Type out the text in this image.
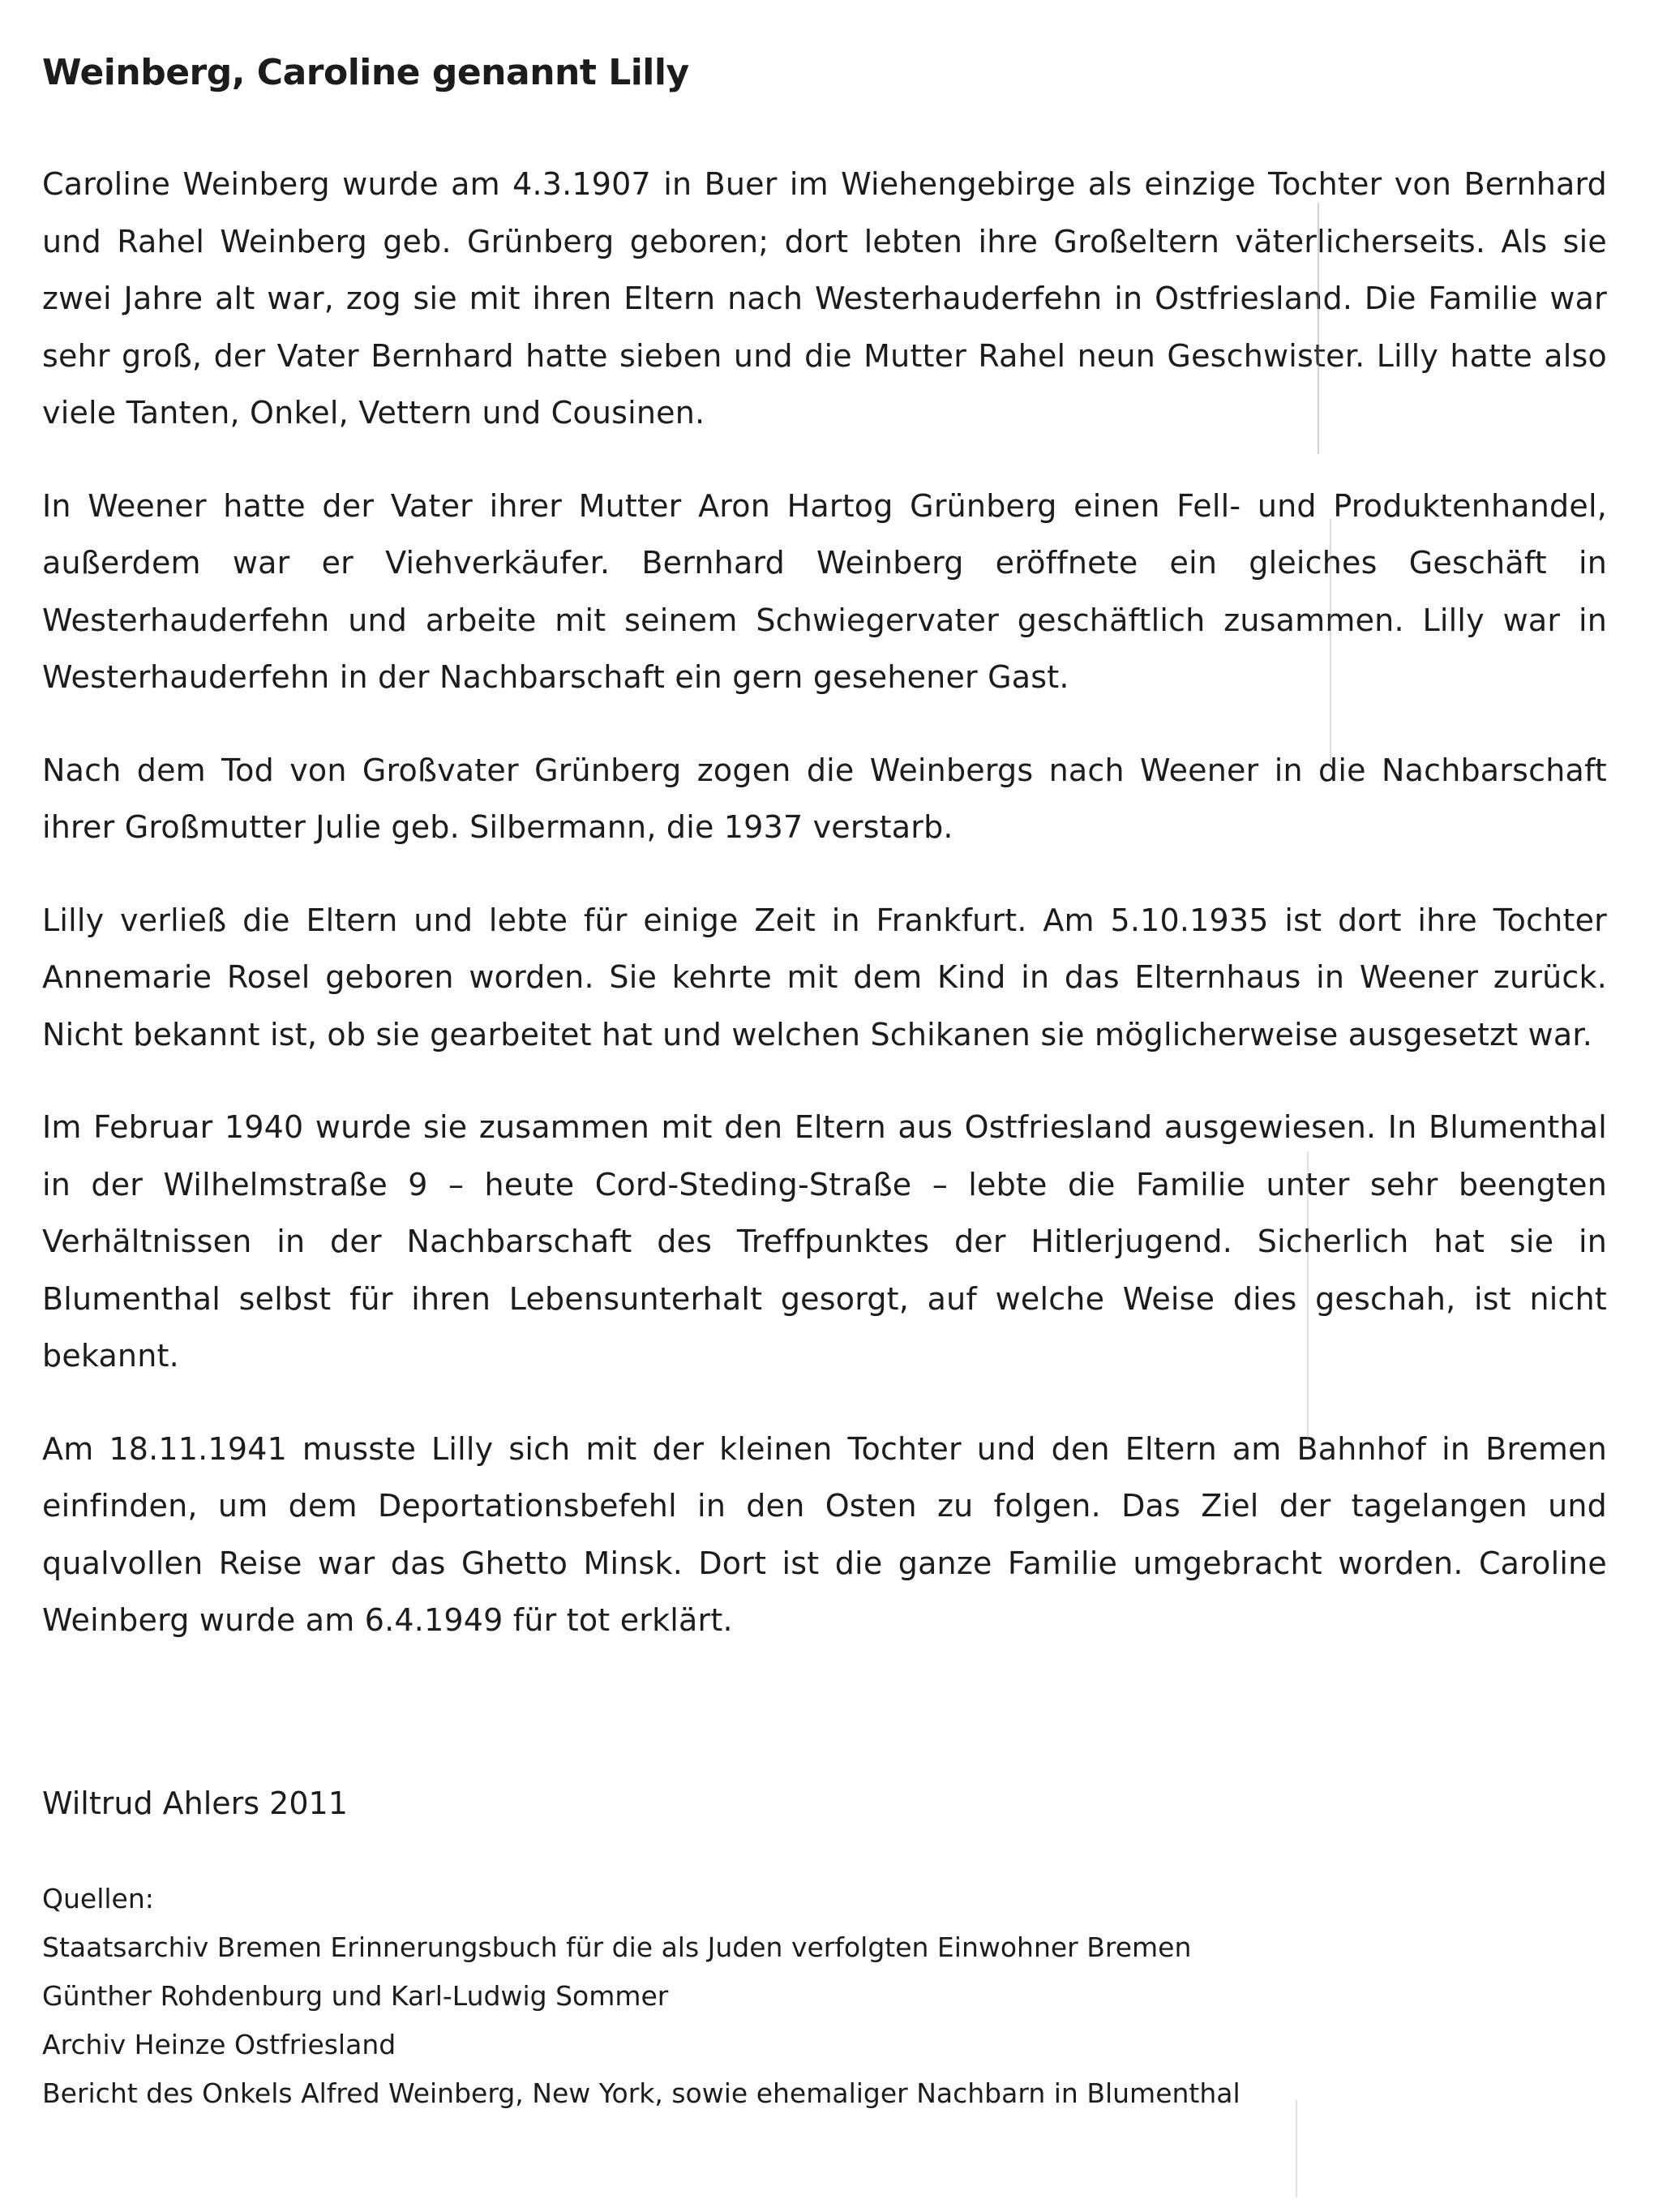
Weinberg, Caroline genannt Lilly

Caroline Weinberg wurde am 4.3.1907 in Buer im Wiehengebirge als einzige Tochter von Bernhard und Rahel Weinberg geb. Grünberg geboren; dort lebten ihre Großeltern väterlicherseits. Als sie zwei Jahre alt war, zog sie mit ihren Eltern nach Westerhauderfehn in Ostfriesland. Die Familie war sehr groß, der Vater Bernhard hatte sieben und die Mutter Rahel neun Geschwister. Lilly hatte also viele Tanten, Onkel, Vettern und Cousinen.

In Weener hatte der Vater ihrer Mutter Aron Hartog Grünberg einen Fell- und Produktenhandel, außerdem war er Viehverkäufer. Bernhard Weinberg eröffnete ein gleiches Geschäft in Westerhauderfehn und arbeite mit seinem Schwiegervater geschäftlich zusammen. Lilly war in Westerhauderfehn in der Nachbarschaft ein gern gesehener Gast.

Nach dem Tod von Großvater Grünberg zogen die Weinbergs nach Weener in die Nachbarschaft ihrer Großmutter Julie geb. Silbermann, die 1937 verstarb.

Lilly verließ die Eltern und lebte für einige Zeit in Frankfurt. Am 5.10.1935 ist dort ihre Tochter Annemarie Rosel geboren worden. Sie kehrte mit dem Kind in das Elternhaus in Weener zurück. Nicht bekannt ist, ob sie gearbeitet hat und welchen Schikanen sie möglicherweise ausgesetzt war.

Im Februar 1940 wurde sie zusammen mit den Eltern aus Ostfriesland ausgewiesen. In Blumenthal in der Wilhelmstraße 9 – heute Cord-Steding-Straße – lebte die Familie unter sehr beengten Verhältnissen in der Nachbarschaft des Treffpunktes der Hitlerjugend. Sicherlich hat sie in Blumenthal selbst für ihren Lebensunterhalt gesorgt, auf welche Weise dies geschah, ist nicht bekannt.

Am 18.11.1941 musste Lilly sich mit der kleinen Tochter und den Eltern am Bahnhof in Bremen einfinden, um dem Deportationsbefehl in den Osten zu folgen. Das Ziel der tagelangen und qualvollen Reise war das Ghetto Minsk. Dort ist die ganze Familie umgebracht worden. Caroline Weinberg wurde am 6.4.1949 für tot erklärt.

Wiltrud Ahlers 2011

Quellen:

Staatsarchiv Bremen Erinnerungsbuch für die als Juden verfolgten Einwohner Bremen

Günther Rohdenburg und Karl-Ludwig Sommer

Archiv Heinze Ostfriesland

Bericht des Onkels Alfred Weinberg, New York, sowie ehemaliger Nachbarn in Blumenthal
